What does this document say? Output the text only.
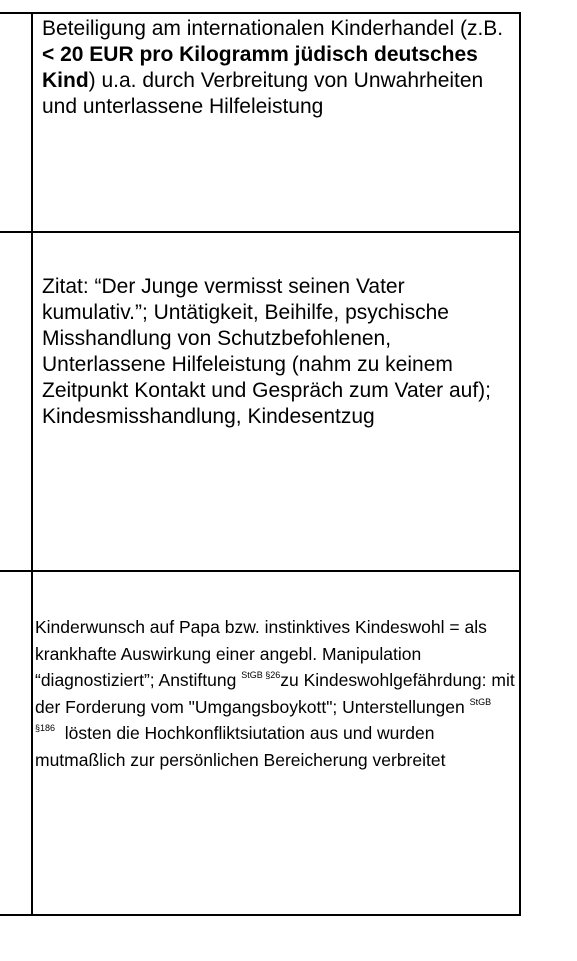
Beteiligung am internationalen Kinderhandel (z.B. < 20 EUR pro Kilogramm jüdisch deutsches Kind) u.a. durch Verbreitung von Unwahrheiten und unterlassene Hilfeleistung
Zitat: “Der Junge vermisst seinen Vater kumulativ.”; Untätigkeit, Beihilfe, psychische Misshandlung von Schutzbefohlenen, Unterlassene Hilfeleistung (nahm zu keinem Zeitpunkt Kontakt und Gespräch zum Vater auf); Kindesmisshandlung, Kindesentzug
Kinderwunsch auf Papa bzw. instinktives Kindeswohl = als krankhafte Auswirkung einer angebl. Manipulation “diagnostiziert”; Anstiftung $^{StGB \S 26}$zu Kindeswohlgefährdung: mit der Forderung vom "Umgangsboykott"; Unterstellungen $^{StGB \S 186}$ lösten die Hochkonfliktsiutation aus und wurden mutmaßlich zur persönlichen Bereicherung verbreitet
